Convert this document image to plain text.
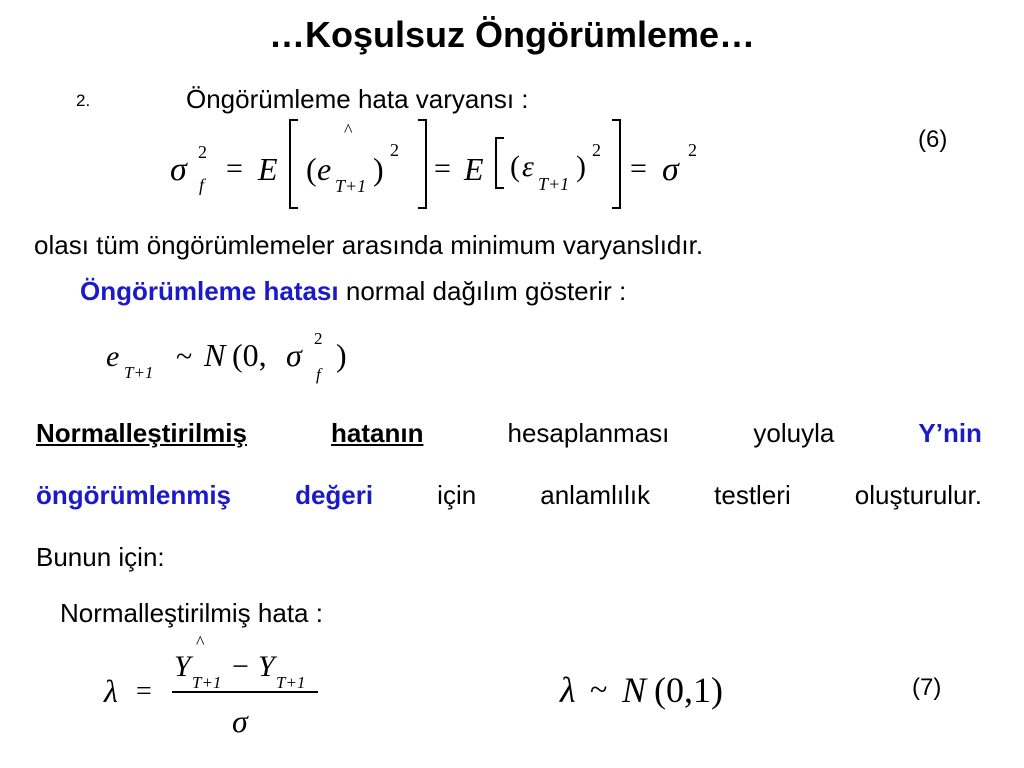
…Koşulsuz Öngörümleme…
2.	Öngörümleme hata varyansı :
σ 2
f = E ( e
^
T+1 )
2
= E ( ε
T+1
) 2
= σ
2	(6)
olası tüm öngörümlemeler arasında minimum varyanslıdır.
Öngörümleme hatası normal dağılım gösterir :
e T+1 ~ N (0, σ 2
f
)
Normalleştirilmiş	hatanın	hesaplanması	yoluyla	Y’nin
öngörümlenmiş değeri için anlamlılık testleri oluşturulur.
Bunun için:
Normalleştirilmiş hata :
λ =
^
Y T+1 − Y T+1
σ
λ ~ N (0,1)	(7)
